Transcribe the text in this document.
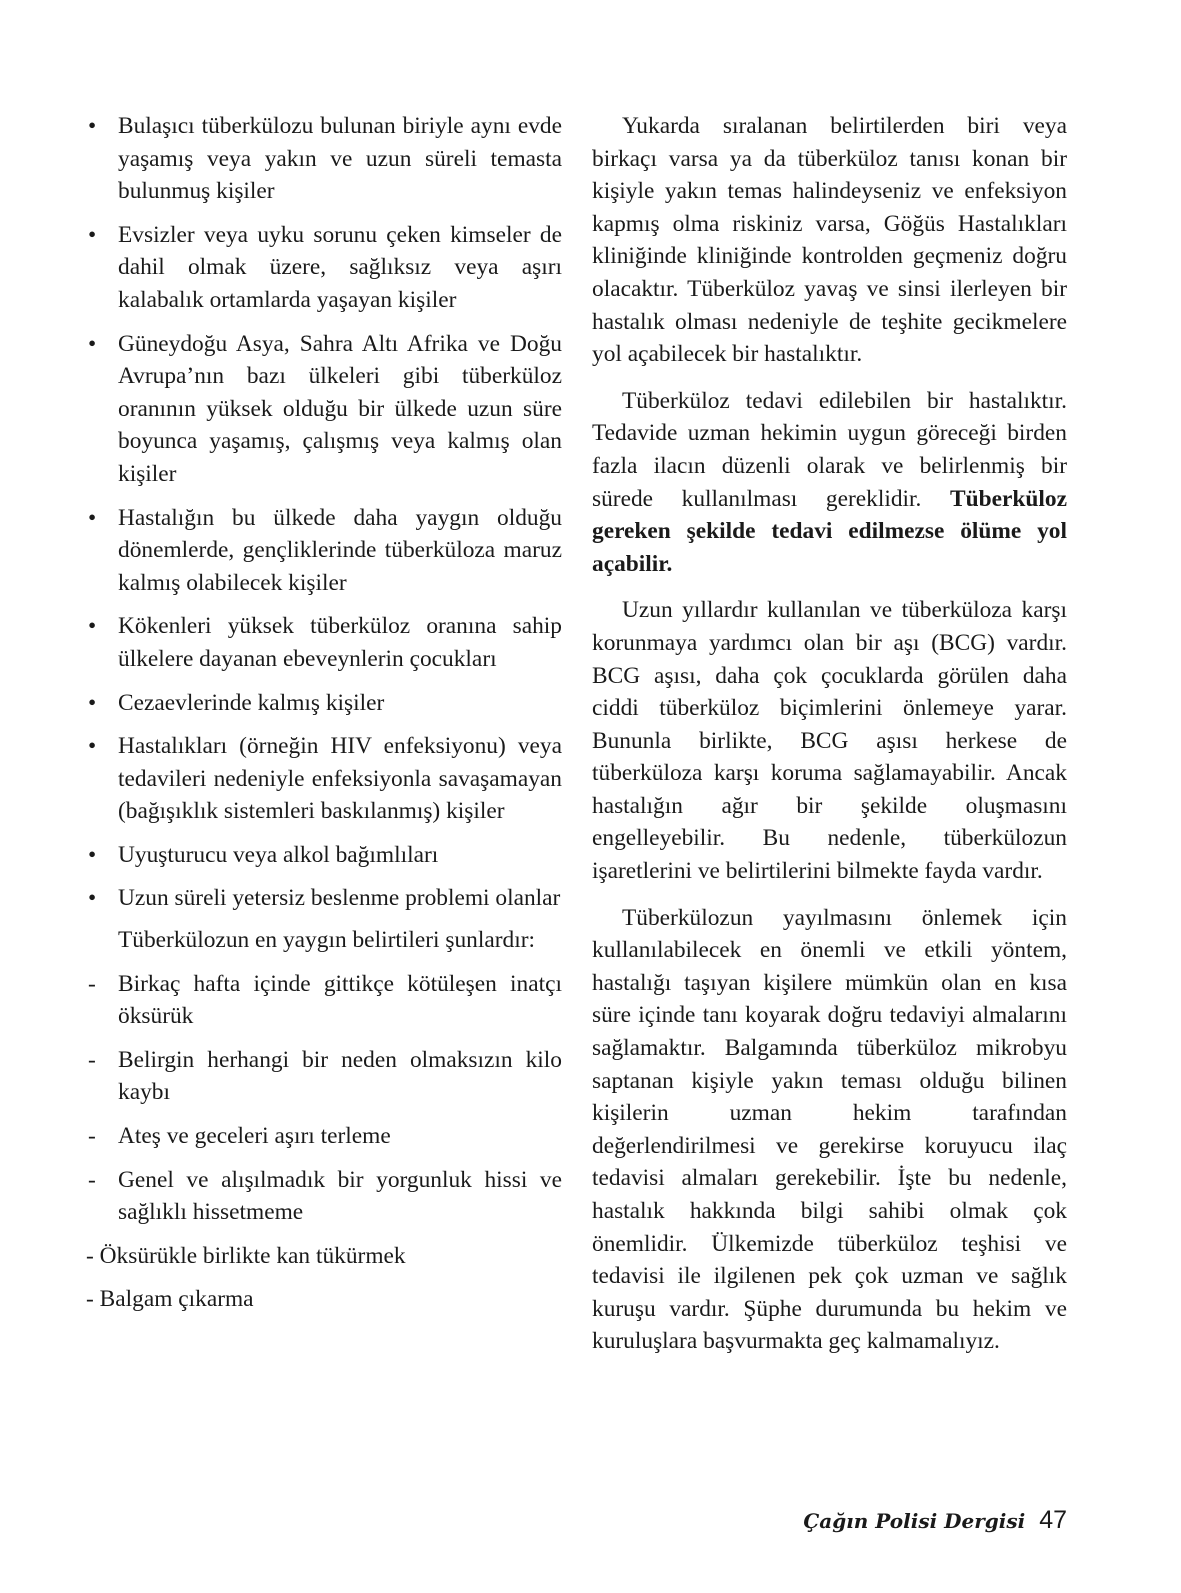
• Bulaşıcı tüberkülozu bulunan biriyle aynı evde yaşamış veya yakın ve uzun süreli temasta bulunmuş kişiler
• Evsizler veya uyku sorunu çeken kimseler de dahil olmak üzere, sağlıksız veya aşırı kalabalık ortamlarda yaşayan kişiler
• Güneydoğu Asya, Sahra Altı Afrika ve Doğu Avrupa’nın bazı ülkeleri gibi tüberküloz oranının yüksek olduğu bir ülkede uzun süre boyunca yaşamış, çalışmış veya kalmış olan kişiler
• Hastalığın bu ülkede daha yaygın olduğu dönemlerde, gençliklerinde tüberküloza maruz kalmış olabilecek kişiler
• Kökenleri yüksek tüberküloz oranına sahip ülkelere dayanan ebeveynlerin çocukları
• Cezaevlerinde kalmış kişiler
• Hastalıkları (örneğin HIV enfeksiyonu) veya tedavileri nedeniyle enfeksiyonla savaşamayan (bağışıklık sistemleri baskılanmış) kişiler
• Uyuşturucu veya alkol bağımlıları
• Uzun süreli yetersiz beslenme problemi olanlar

Tüberkülozun en yaygın belirtileri şunlardır:

- Birkaç hafta içinde gittikçe kötüleşen inatçı öksürük
- Belirgin herhangi bir neden olmaksızın kilo kaybı
- Ateş ve geceleri aşırı terleme
- Genel ve alışılmadık bir yorgunluk hissi ve sağlıklı hissetmeme

- Öksürükle birlikte kan tükürmek

- Balgam çıkarma

Yukarda sıralanan belirtilerden biri veya birkaçı varsa ya da tüberküloz tanısı konan bir kişiyle yakın temas halindeyseniz ve enfeksiyon kapmış olma riskiniz varsa, Göğüs Hastalıkları kliniğinde kliniğinde kontrolden geçmeniz doğru olacaktır. Tüberküloz yavaş ve sinsi ilerleyen bir hastalık olması nedeniyle de teşhite gecikmelere yol açabilecek bir hastalıktır.

Tüberküloz tedavi edilebilen bir hastalıktır. Tedavide uzman hekimin uygun göreceği birden fazla ilacın düzenli olarak ve belirlenmiş bir sürede kullanılması gereklidir. Tüberküloz gereken şekilde tedavi edilmezse ölüme yol açabilir.

Uzun yıllardır kullanılan ve tüberküloza karşı korunmaya yardımcı olan bir aşı (BCG) vardır. BCG aşısı, daha çok çocuklarda görülen daha ciddi tüberküloz biçimlerini önlemeye yarar. Bununla birlikte, BCG aşısı herkese de tüberküloza karşı koruma sağlamayabilir. Ancak hastalığın ağır bir şekilde oluşmasını engelleyebilir. Bu nedenle, tüberkülozun işaretlerini ve belirtilerini bilmekte fayda vardır.

Tüberkülozun yayılmasını önlemek için kullanılabilecek en önemli ve etkili yöntem, hastalığı taşıyan kişilere mümkün olan en kısa süre içinde tanı koyarak doğru tedaviyi almalarını sağlamaktır. Balgamında tüberküloz mikrobyu saptanan kişiyle yakın teması olduğu bilinen kişilerin uzman hekim tarafından değerlendirilmesi ve gerekirse koruyucu ilaç tedavisi almaları gerekebilir. İşte bu nedenle, hastalık hakkında bilgi sahibi olmak çok önemlidir. Ülkemizde tüberküloz teşhisi ve tedavisi ile ilgilenen pek çok uzman ve sağlık kuruşu vardır. Şüphe durumunda bu hekim ve kuruluşlara başvurmakta geç kalmamalıyız.

Çağın Polisi Dergisi 47
